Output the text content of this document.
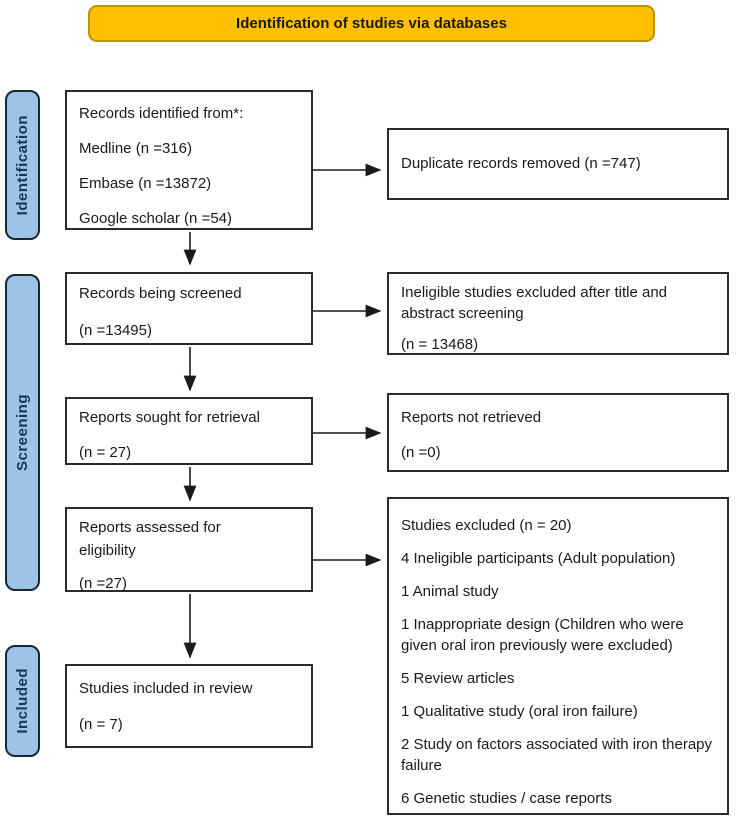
Identification of studies via databases
Identification
Screening
Included
Records identified from*:
Medline (n =316)
Embase (n =13872)
Google scholar (n =54)
Duplicate records removed (n =747)
Records being screened
(n =13495)
Ineligible studies excluded after title and abstract screening
(n = 13468)
Reports sought for retrieval
(n = 27)
Reports not retrieved
(n =0)
Reports assessed for
eligibility
(n =27)
Studies excluded (n = 20)
4 Ineligible participants (Adult population)
1 Animal study
1 Inappropriate design (Children who were given oral iron previously were excluded)
5 Review articles
1 Qualitative study (oral iron failure)
2 Study on factors associated with iron therapy failure
6 Genetic studies / case reports
Studies included in review
(n = 7)
